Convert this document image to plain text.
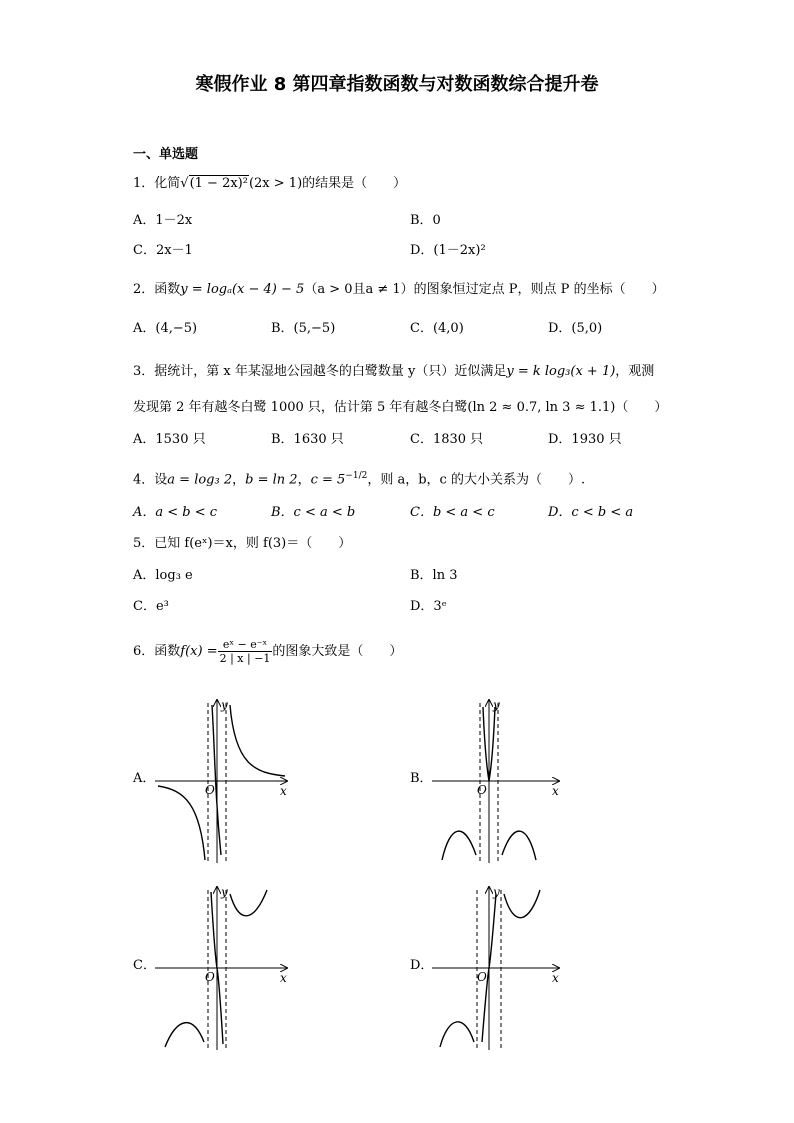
寒假作业 8 第四章指数函数与对数函数综合提升卷
一、单选题
1．化简√(1 − 2x)²(2x > 1)的结果是（　　）
A．1－2x	B．0
C．2x－1	D．(1－2x)²
2．函数y = logₐ(x − 4) − 5（a > 0且a ≠ 1）的图象恒过定点 P，则点 P 的坐标（　　）
A．(4,−5)	B．(5,−5)	C．(4,0)	D．(5,0)
3．据统计，第 x 年某湿地公园越冬的白鹭数量 y（只）近似满足y = k log₃(x + 1)，观测
发现第 2 年有越冬白鹭 1000 只，估计第 5 年有越冬白鹭(ln 2 ≈ 0.7, ln 3 ≈ 1.1)（　　）
A．1530 只	B．1630 只	C．1830 只	D．1930 只
4．设a = log₃ 2，b = ln 2，$c = 5^{-1/2}$，则 a，b，c 的大小关系为（　　）.
A．a < b < c	B．c < a < b	C．b < a < c	D．c < b < a
5．已知 f(eˣ)＝x，则 f(3)＝（　　）
A．log₃ e	B．ln 3
C．e³	D．3ᵉ
6．函数$f(x) = \frac{\text{eˣ − e⁻ˣ}}{2 | x | -1}$ 的图象大致是（　　）
A．	B．
C．	D．
y
x
O
y
x
O
y
x
O
y
x
O
